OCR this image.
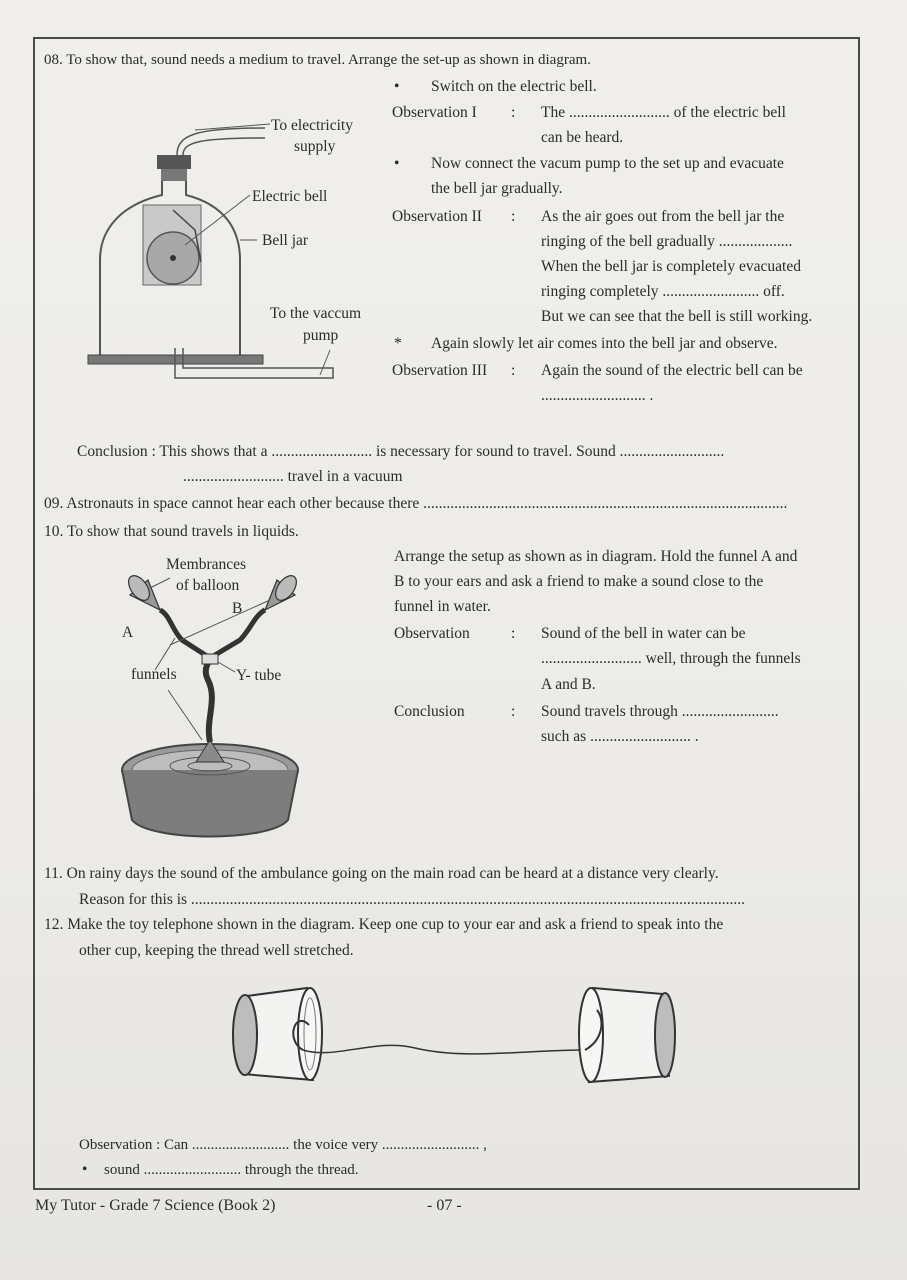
08. To show that, sound needs a medium to travel. Arrange the set-up as shown in diagram.
• Switch on the electric bell.
Observation I : The .......................... of the electric bell
can be heard.
• Now connect the vacum pump to the set up and evacuate
the bell jar gradually.
Observation II : As the air goes out from the bell jar the
ringing of the bell gradually ...................
When the bell jar is completely evacuated
ringing completely ......................... off.
But we can see that the bell is still working.
* Again slowly let air comes into the bell jar and observe.
Observation III : Again the sound of the electric bell can be
........................... .
To electricity
supply
Electric bell
Bell jar
To the vaccum
pump
Conclusion : This shows that a .......................... is necessary for sound to travel. Sound ...........................
.......................... travel in a vacuum
09. Astronauts in space cannot hear each other because there ..............................................................................................
10. To show that sound travels in liquids.
Arrange the setup as shown as in diagram. Hold the funnel A and
B to your ears and ask a friend to make a sound close to the
funnel in water.
Observation	: Sound of the bell in water can be
.......................... well, through the funnels
A and B.
Conclusion	: Sound travels through .........................
such as .......................... .
Membrances
of balloon
A
B
funnels	Y- tube
11. On rainy days the sound of the ambulance going on the main road can be heard at a distance very clearly.
Reason for this is ...............................................................................................................................................
12. Make the toy telephone shown in the diagram. Keep one cup to your ear and ask a friend to speak into the
other cup, keeping the thread well stretched.
Observation : Can .......................... the voice very .......................... ,
• sound .......................... through the thread.
My Tutor - Grade 7 Science (Book 2)	- 07 -
